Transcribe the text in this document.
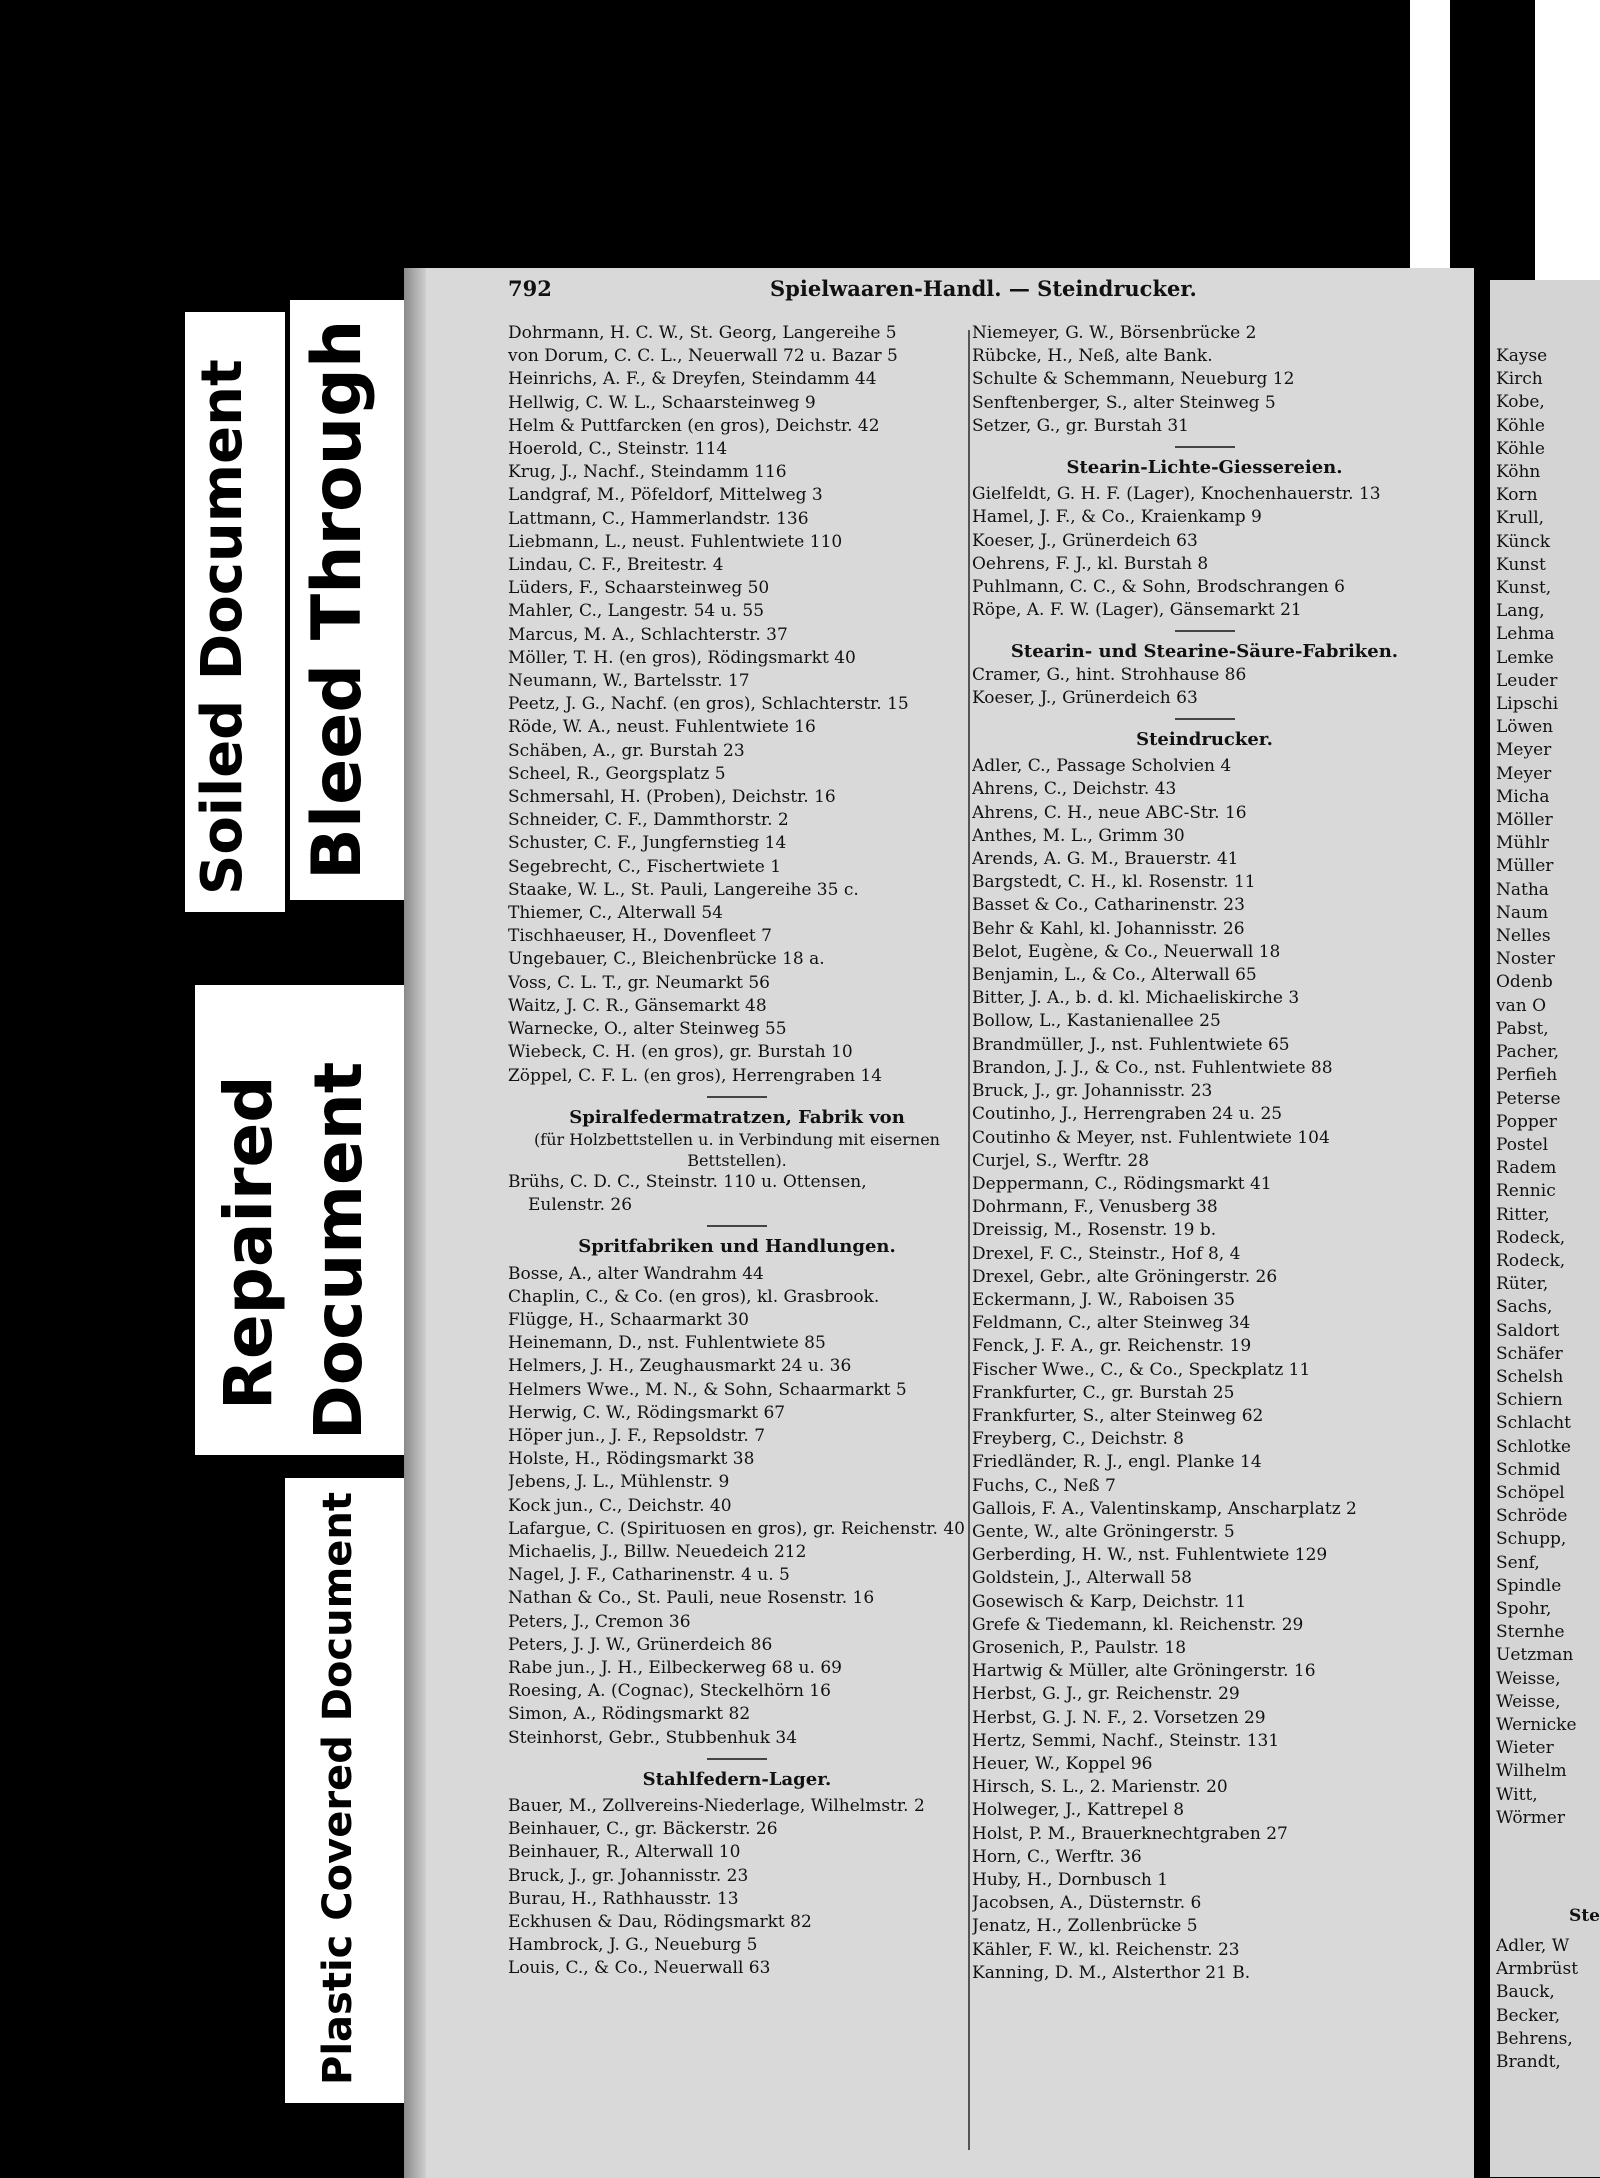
Soiled Document Bleed Through
Repaired Document
Plastic Covered Document
792	Spielwaaren-Handl. — Steindrucker.
Dohrmann, H. C. W., St. Georg, Langereihe 5
von Dorum, C. C. L., Neuerwall 72 u. Bazar 5
Heinrichs, A. F., & Dreyfen, Steindamm 44
Hellwig, C. W. L., Schaarsteinweg 9
Helm & Puttfarcken (en gros), Deichstr. 42
Hoerold, C., Steinstr. 114
Krug, J., Nachf., Steindamm 116
Landgraf, M., Pöfeldorf, Mittelweg 3
Lattmann, C., Hammerlandstr. 136
Liebmann, L., neust. Fuhlentwiete 110
Lindau, C. F., Breitestr. 4
Lüders, F., Schaarsteinweg 50
Mahler, C., Langestr. 54 u. 55
Marcus, M. A., Schlachterstr. 37
Möller, T. H. (en gros), Rödingsmarkt 40
Neumann, W., Bartelsstr. 17
Peetz, J. G., Nachf. (en gros), Schlachterstr. 15
Röde, W. A., neust. Fuhlentwiete 16
Schäben, A., gr. Burstah 23
Scheel, R., Georgsplatz 5
Schmersahl, H. (Proben), Deichstr. 16
Schneider, C. F., Dammthorstr. 2
Schuster, C. F., Jungfernstieg 14
Segebrecht, C., Fischertwiete 1
Staake, W. L., St. Pauli, Langereihe 35 c.
Thiemer, C., Alterwall 54
Tischhaeuser, H., Dovenfleet 7
Ungebauer, C., Bleichenbrücke 18 a.
Voss, C. L. T., gr. Neumarkt 56
Waitz, J. C. R., Gänsemarkt 48
Warnecke, O., alter Steinweg 55
Wiebeck, C. H. (en gros), gr. Burstah 10
Zöppel, C. F. L. (en gros), Herrengraben 14
Spiralfedermatratzen, Fabrik von
(für Holzbettstellen u. in Verbindung mit eisernen Bettstellen).
Brühs, C. D. C., Steinstr. 110 u. Ottensen,
Eulenstr. 26
Spritfabriken und Handlungen.
Bosse, A., alter Wandrahm 44
Chaplin, C., & Co. (en gros), kl. Grasbrook.
Flügge, H., Schaarmarkt 30
Heinemann, D., nst. Fuhlentwiete 85
Helmers, J. H., Zeughausmarkt 24 u. 36
Helmers Wwe., M. N., & Sohn, Schaarmarkt 5
Herwig, C. W., Rödingsmarkt 67
Höper jun., J. F., Repsoldstr. 7
Holste, H., Rödingsmarkt 38
Jebens, J. L., Mühlenstr. 9
Kock jun., C., Deichstr. 40
Lafargue, C. (Spirituosen en gros), gr. Reichenstr. 40
Michaelis, J., Billw. Neuedeich 212
Nagel, J. F., Catharinenstr. 4 u. 5
Nathan & Co., St. Pauli, neue Rosenstr. 16
Peters, J., Cremon 36
Peters, J. J. W., Grünerdeich 86
Rabe jun., J. H., Eilbeckerweg 68 u. 69
Roesing, A. (Cognac), Steckelhörn 16
Simon, A., Rödingsmarkt 82
Steinhorst, Gebr., Stubbenhuk 34
Stahlfedern-Lager.
Bauer, M., Zollvereins-Niederlage, Wilhelmstr. 2
Beinhauer, C., gr. Bäckerstr. 26
Beinhauer, R., Alterwall 10
Bruck, J., gr. Johannisstr. 23
Burau, H., Rathhausstr. 13
Eckhusen & Dau, Rödingsmarkt 82
Hambrock, J. G., Neueburg 5
Louis, C., & Co., Neuerwall 63
Niemeyer, G. W., Börsenbrücke 2
Rübcke, H., Neß, alte Bank.
Schulte & Schemmann, Neueburg 12
Senftenberger, S., alter Steinweg 5
Setzer, G., gr. Burstah 31
Stearin-Lichte-Giessereien.
Gielfeldt, G. H. F. (Lager), Knochenhauerstr. 13
Hamel, J. F., & Co., Kraienkamp 9
Koeser, J., Grünerdeich 63
Oehrens, F. J., kl. Burstah 8
Puhlmann, C. C., & Sohn, Brodschrangen 6
Röpe, A. F. W. (Lager), Gänsemarkt 21
Stearin- und Stearine-Säure-Fabriken.
Cramer, G., hint. Strohhause 86
Koeser, J., Grünerdeich 63
Steindrucker.
Adler, C., Passage Scholvien 4
Ahrens, C., Deichstr. 43
Ahrens, C. H., neue ABC-Str. 16
Anthes, M. L., Grimm 30
Arends, A. G. M., Brauerstr. 41
Bargstedt, C. H., kl. Rosenstr. 11
Basset & Co., Catharinenstr. 23
Behr & Kahl, kl. Johannisstr. 26
Belot, Eugène, & Co., Neuerwall 18
Benjamin, L., & Co., Alterwall 65
Bitter, J. A., b. d. kl. Michaeliskirche 3
Bollow, L., Kastanienallee 25
Brandmüller, J., nst. Fuhlentwiete 65
Brandon, J. J., & Co., nst. Fuhlentwiete 88
Bruck, J., gr. Johannisstr. 23
Coutinho, J., Herrengraben 24 u. 25
Coutinho & Meyer, nst. Fuhlentwiete 104
Curjel, S., Werftr. 28
Deppermann, C., Rödingsmarkt 41
Dohrmann, F., Venusberg 38
Dreissig, M., Rosenstr. 19 b.
Drexel, F. C., Steinstr., Hof 8, 4
Drexel, Gebr., alte Gröningerstr. 26
Eckermann, J. W., Raboisen 35
Feldmann, C., alter Steinweg 34
Fenck, J. F. A., gr. Reichenstr. 19
Fischer Wwe., C., & Co., Speckplatz 11
Frankfurter, C., gr. Burstah 25
Frankfurter, S., alter Steinweg 62
Freyberg, C., Deichstr. 8
Friedländer, R. J., engl. Planke 14
Fuchs, C., Neß 7
Gallois, F. A., Valentinskamp, Anscharplatz 2
Gente, W., alte Gröningerstr. 5
Gerberding, H. W., nst. Fuhlentwiete 129
Goldstein, J., Alterwall 58
Gosewisch & Karp, Deichstr. 11
Grefe & Tiedemann, kl. Reichenstr. 29
Grosenich, P., Paulstr. 18
Hartwig & Müller, alte Gröningerstr. 16
Herbst, G. J., gr. Reichenstr. 29
Herbst, G. J. N. F., 2. Vorsetzen 29
Hertz, Semmi, Nachf., Steinstr. 131
Heuer, W., Koppel 96
Hirsch, S. L., 2. Marienstr. 20
Holweger, J., Kattrepel 8
Holst, P. M., Brauerknechtgraben 27
Horn, C., Werftr. 36
Huby, H., Dornbusch 1
Jacobsen, A., Düsternstr. 6
Jenatz, H., Zollenbrücke 5
Kähler, F. W., kl. Reichenstr. 23
Kanning, D. M., Alsterthor 21 B.
Kayse
Kirch
Kobe,
Köhle
Köhle
Köhn
Korn
Krull,
Künck
Kunst
Kunst,
Lang,
Lehma
Lemke
Leuder
Lipschi
Löwen
Meyer
Meyer
Micha
Möller
Mühlr
Müller
Natha
Naum
Nelles
Noster
Odenb
van O
Pabst,
Pacher,
Perfieh
Peterse
Popper
Postel
Radem
Rennic
Ritter,
Rodeck,
Rodeck,
Rüter,
Sachs,
Saldort
Schäfer
Schelsh
Schiern
Schlacht
Schlotke
Schmid
Schöpel
Schröde
Schupp,
Senf,
Spindle
Spohr,
Sternhe
Uetzman
Weisse,
Weisse,
Wernicke
Wieter
Wilhelm
Witt,
Wörmer
Ste
Adler, W
Armbrüst
Bauck,
Becker,
Behrens,
Brandt,
